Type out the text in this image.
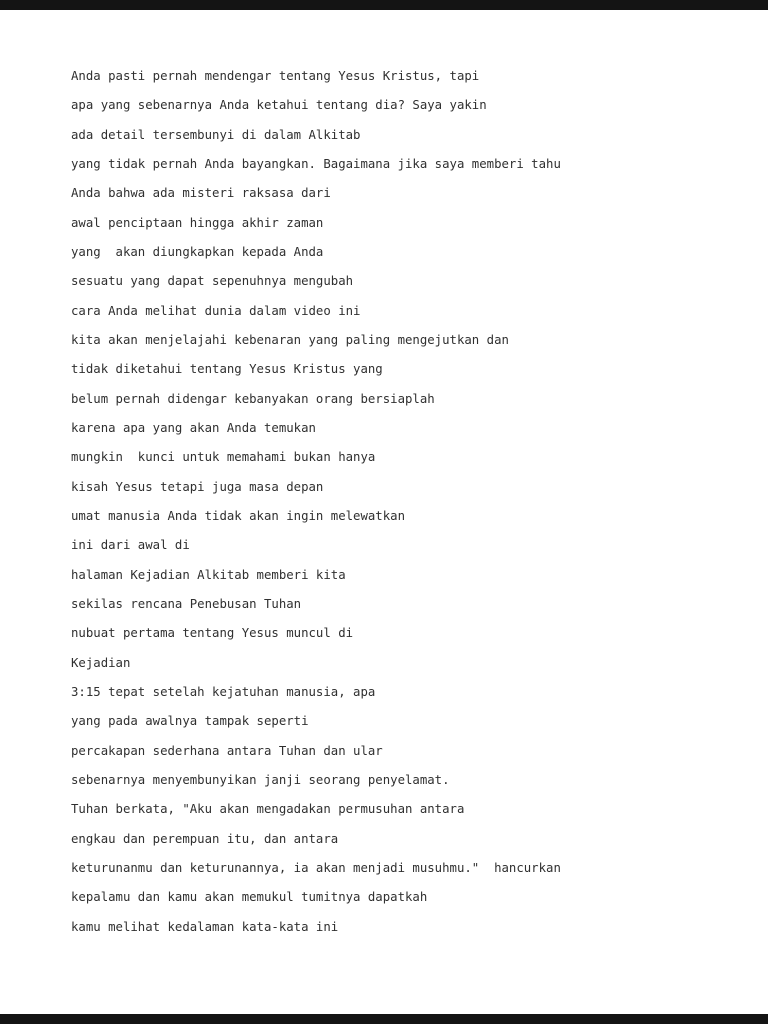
Anda pasti pernah mendengar tentang Yesus Kristus, tapi
apa yang sebenarnya Anda ketahui tentang dia? Saya yakin
ada detail tersembunyi di dalam Alkitab
yang tidak pernah Anda bayangkan. Bagaimana jika saya memberi tahu
Anda bahwa ada misteri raksasa dari
awal penciptaan hingga akhir zaman
yang  akan diungkapkan kepada Anda
sesuatu yang dapat sepenuhnya mengubah
cara Anda melihat dunia dalam video ini
kita akan menjelajahi kebenaran yang paling mengejutkan dan
tidak diketahui tentang Yesus Kristus yang
belum pernah didengar kebanyakan orang bersiaplah
karena apa yang akan Anda temukan
mungkin  kunci untuk memahami bukan hanya
kisah Yesus tetapi juga masa depan
umat manusia Anda tidak akan ingin melewatkan
ini dari awal di
halaman Kejadian Alkitab memberi kita
sekilas rencana Penebusan Tuhan
nubuat pertama tentang Yesus muncul di
Kejadian
3:15 tepat setelah kejatuhan manusia, apa
yang pada awalnya tampak seperti
percakapan sederhana antara Tuhan dan ular
sebenarnya menyembunyikan janji seorang penyelamat.
Tuhan berkata, "Aku akan mengadakan permusuhan antara
engkau dan perempuan itu, dan antara
keturunanmu dan keturunannya, ia akan menjadi musuhmu."  hancurkan
kepalamu dan kamu akan memukul tumitnya dapatkah
kamu melihat kedalaman kata-kata ini
